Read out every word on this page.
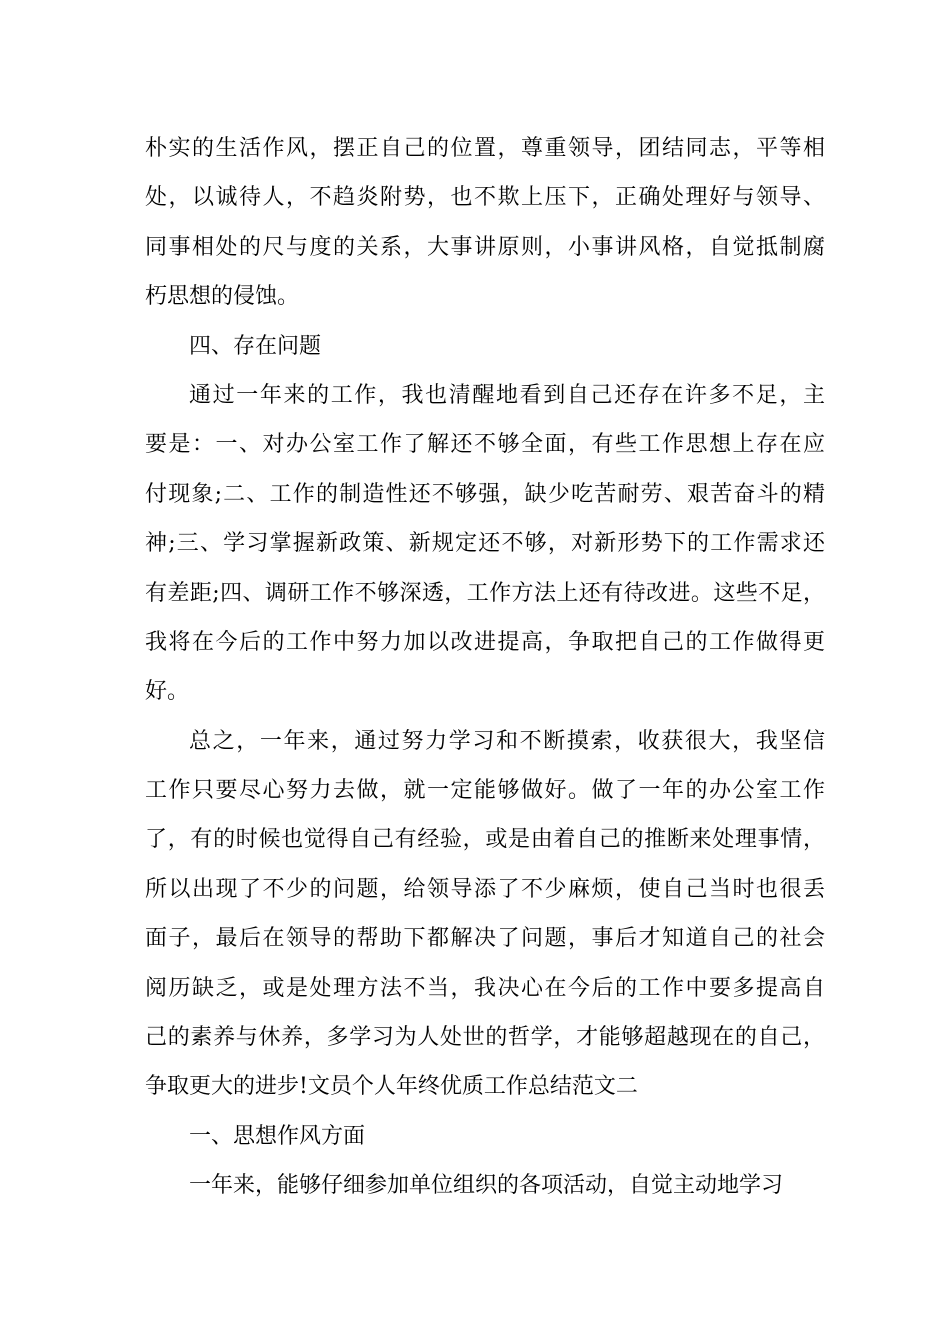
朴实的生活作风，摆正自己的位置，尊重领导，团结同志，平等相
处，以诚待人，不趋炎附势，也不欺上压下，正确处理好与领导、
同事相处的尺与度的关系，大事讲原则，小事讲风格，自觉抵制腐
朽思想的侵蚀。
四、存在问题
通过一年来的工作，我也清醒地看到自己还存在许多不足，主
要是：一、对办公室工作了解还不够全面，有些工作思想上存在应
付现象;二、工作的制造性还不够强，缺少吃苦耐劳、艰苦奋斗的精
神;三、学习掌握新政策、新规定还不够，对新形势下的工作需求还
有差距;四、调研工作不够深透，工作方法上还有待改进。这些不足，
我将在今后的工作中努力加以改进提高，争取把自己的工作做得更
好。
总之，一年来，通过努力学习和不断摸索，收获很大，我坚信
工作只要尽心努力去做，就一定能够做好。做了一年的办公室工作
了，有的时候也觉得自己有经验，或是由着自己的推断来处理事情，
所以出现了不少的问题，给领导添了不少麻烦，使自己当时也很丢
面子，最后在领导的帮助下都解决了问题，事后才知道自己的社会
阅历缺乏，或是处理方法不当，我决心在今后的工作中要多提高自
己的素养与休养，多学习为人处世的哲学，才能够超越现在的自己，
争取更大的进步!文员个人年终优质工作总结范文二
一、思想作风方面
一年来，能够仔细参加单位组织的各项活动，自觉主动地学习
